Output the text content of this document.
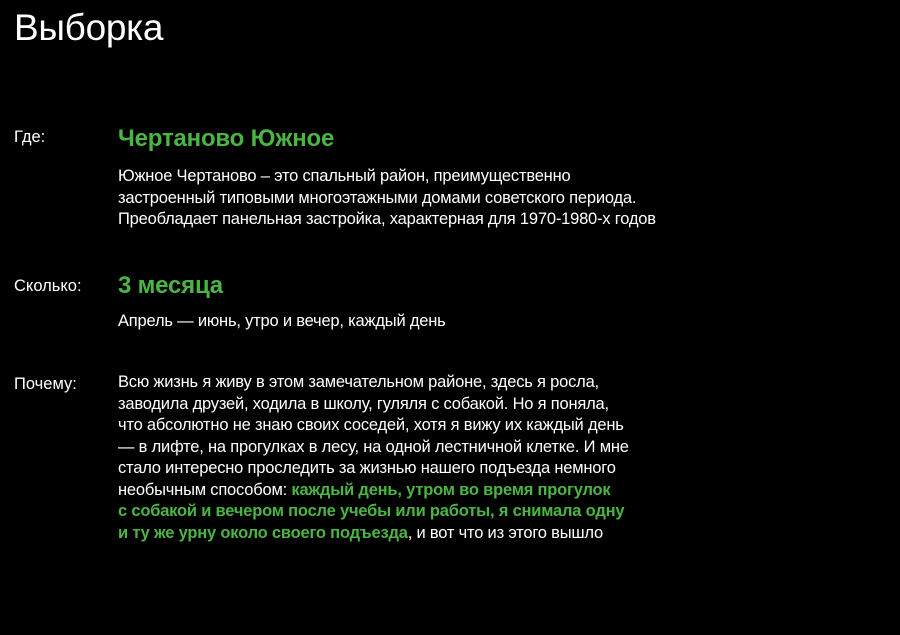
Выборка
Где:	Чертаново Южное
Южное Чертаново – это спальный район, преимущественно
застроенный типовыми многоэтажными домами советского периода.
Преобладает панельная застройка, характерная для 1970-1980-х годов
Сколько: 3 месяца
Апрель — июнь, утро и вечер, каждый день
Почему: Всю жизнь я живу в этом замечательном районе, здесь я росла,
заводила друзей, ходила в школу, гуляля с собакой. Но я поняла,
что абсолютно не знаю своих соседей, хотя я вижу их каждый день
— в лифте, на прогулках в лесу, на одной лестничной клетке. И мне
стало интересно проследить за жизнью нашего подъезда немного
необычным способом: каждый день, утром во время прогулок
с собакой и вечером после учебы или работы, я снимала одну
и ту же урну около своего подъезда, и вот что из этого вышло
